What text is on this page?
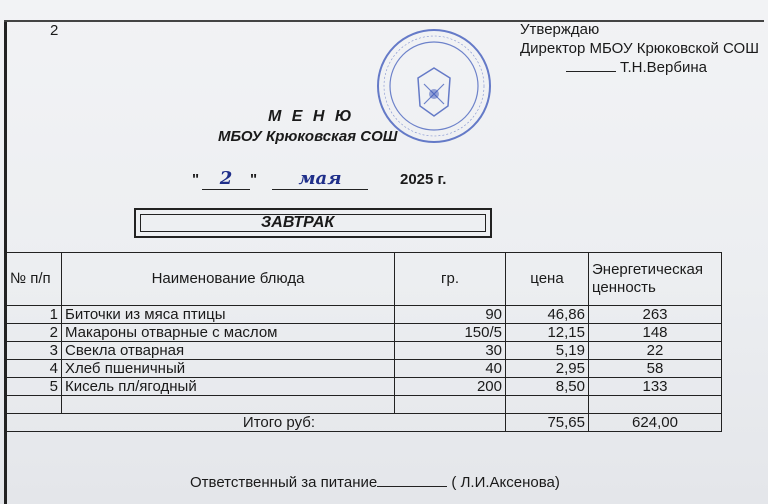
2	Утверждаю
Директор МБОУ Крюковской СОШ
Т.Н.Вербина
М Е Н Ю
МБОУ Крюковская СОШ
" 2 " мая	2025 г.
ЗАВТРАК
№ п/п	Наименование блюда	гр.	цена	Энергетическая ценность
1	Биточки из мяса птицы	90	46,86	263
2	Макароны отварные с маслом	150/5	12,15	148
3	Свекла отварная	30	5,19	22
4	Хлеб пшеничный	40	2,95	58
5	Кисель пл/ягодный	200	8,50	133

Итого руб:			75,65	624,00
Ответственный за питание	( Л.И.Аксенова)
